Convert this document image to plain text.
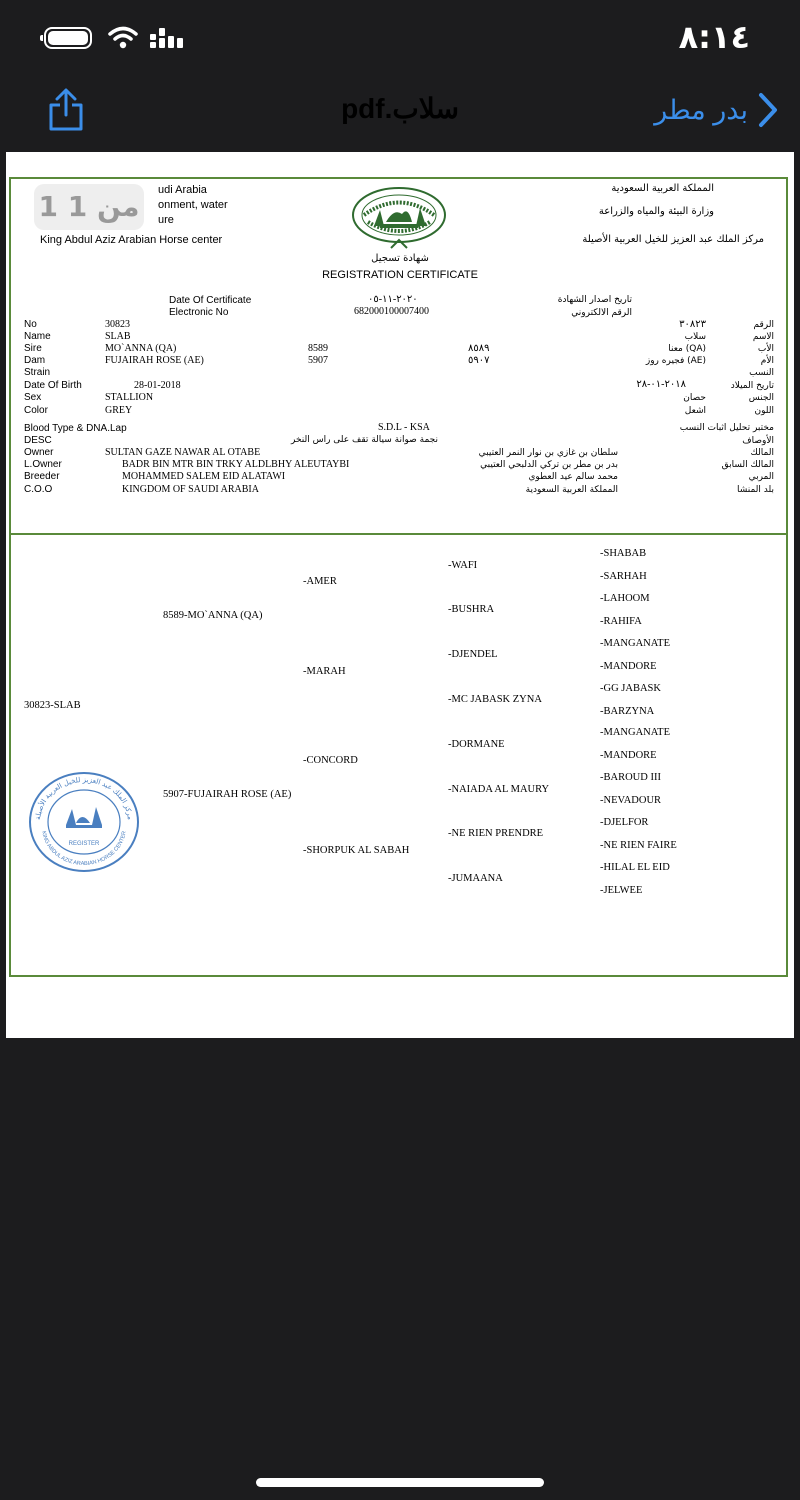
٨:١٤
pdf.سلاب	بدر مطر
udi Arabia
onment, water
ure
King Abdul Aziz Arabian Horse center
المملكة العربية السعودية
وزارة البيئة والمياه والزراعة
مركز الملك عبد العزيز للخيل العربية الأصيلة
شهادة تسجيل
REGISTRATION CERTIFICATE
Date Of Certificate	٢٠٢٠-١١-٠٥	تاريخ اصدار الشهادة
Electronic No	682000100007400	الرقم الالكتروني
No	30823	٣٠٨٢٣	الرقم
Name	SLAB	سلاب	الاسم
Sire	MO`ANNA (QA)	8589	٨٥٨٩	(QA) معنا	الأب
Dam	FUJAIRAH ROSE (AE)	5907	٥٩٠٧	(AE) فجيره روز	الأم
Strain	النسب
Date Of Birth	28-01-2018	٢٠١٨-٠١-٢٨	تاريخ الميلاد
Sex	STALLION	حصان	الجنس
Color	GREY	اشعل	اللون
Blood Type & DNA.Lap	S.D.L - KSA	مختبر تحليل اثبات النسب
DESC	نجمة صوانة سيالة تقف على راس النخر	الأوصاف
Owner	SULTAN GAZE NAWAR AL OTABE	سلطان بن غازي بن نوار النمر العتيبي	المالك
L.Owner	BADR BIN MTR BIN TRKY ALDLBHY ALEUTAYBI	بدر بن مطر بن تركي الدلبحي العتيبي	المالك السابق
Breeder	MOHAMMED SALEM EID ALATAWI	محمد سالم عيد العطوي	المربي
C.O.O	KINGDOM OF SAUDI ARABIA	المملكة العربية السعودية	بلد المنشا
30823-SLAB
8589-MO`ANNA (QA)
5907-FUJAIRAH ROSE (AE)
-AMER
-MARAH
-CONCORD
-SHORPUK AL SABAH
-WAFI
-BUSHRA
-DJENDEL
-MC JABASK ZYNA
-DORMANE
-NAIADA AL MAURY
-NE RIEN PRENDRE
-JUMAANA
-SHABAB
-SARHAH
-LAHOOM
-RAHIFA
-MANGANATE
-MANDORE
-GG JABASK
-BARZYNA
-MANGANATE
-MANDORE
-BAROUD III
-NEVADOUR
-DJELFOR
-NE RIEN FAIRE
-HILAL EL EID
-JELWEE
مركز الملك عبد العزيز للخيل العربية الأصيلة
KING ABDUL AZIZ ARABIAN HORSE CENTER
REGISTER
1 من 1
